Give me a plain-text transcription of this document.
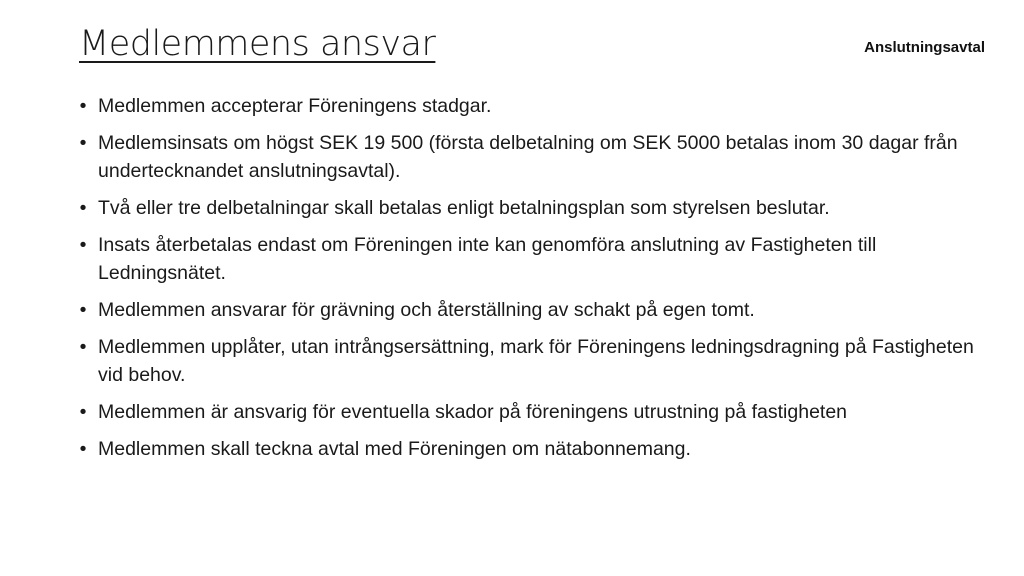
Medlemmens ansvar	Anslutningsavtal
• Medlemmen accepterar Föreningens stadgar.
• Medlemsinsats om högst SEK 19 500 (första delbetalning om SEK 5000 betalas inom 30 dagar från undertecknandet anslutningsavtal).
• Två eller tre delbetalningar skall betalas enligt betalningsplan som styrelsen beslutar.
• Insats återbetalas endast om Föreningen inte kan genomföra anslutning av Fastigheten till Ledningsnätet.
• Medlemmen ansvarar för grävning och återställning av schakt på egen tomt.
• Medlemmen upplåter, utan intrångsersättning, mark för Föreningens ledningsdragning på Fastigheten vid behov.
• Medlemmen är ansvarig för eventuella skador på föreningens utrustning på fastigheten
• Medlemmen skall teckna avtal med Föreningen om nätabonnemang.
